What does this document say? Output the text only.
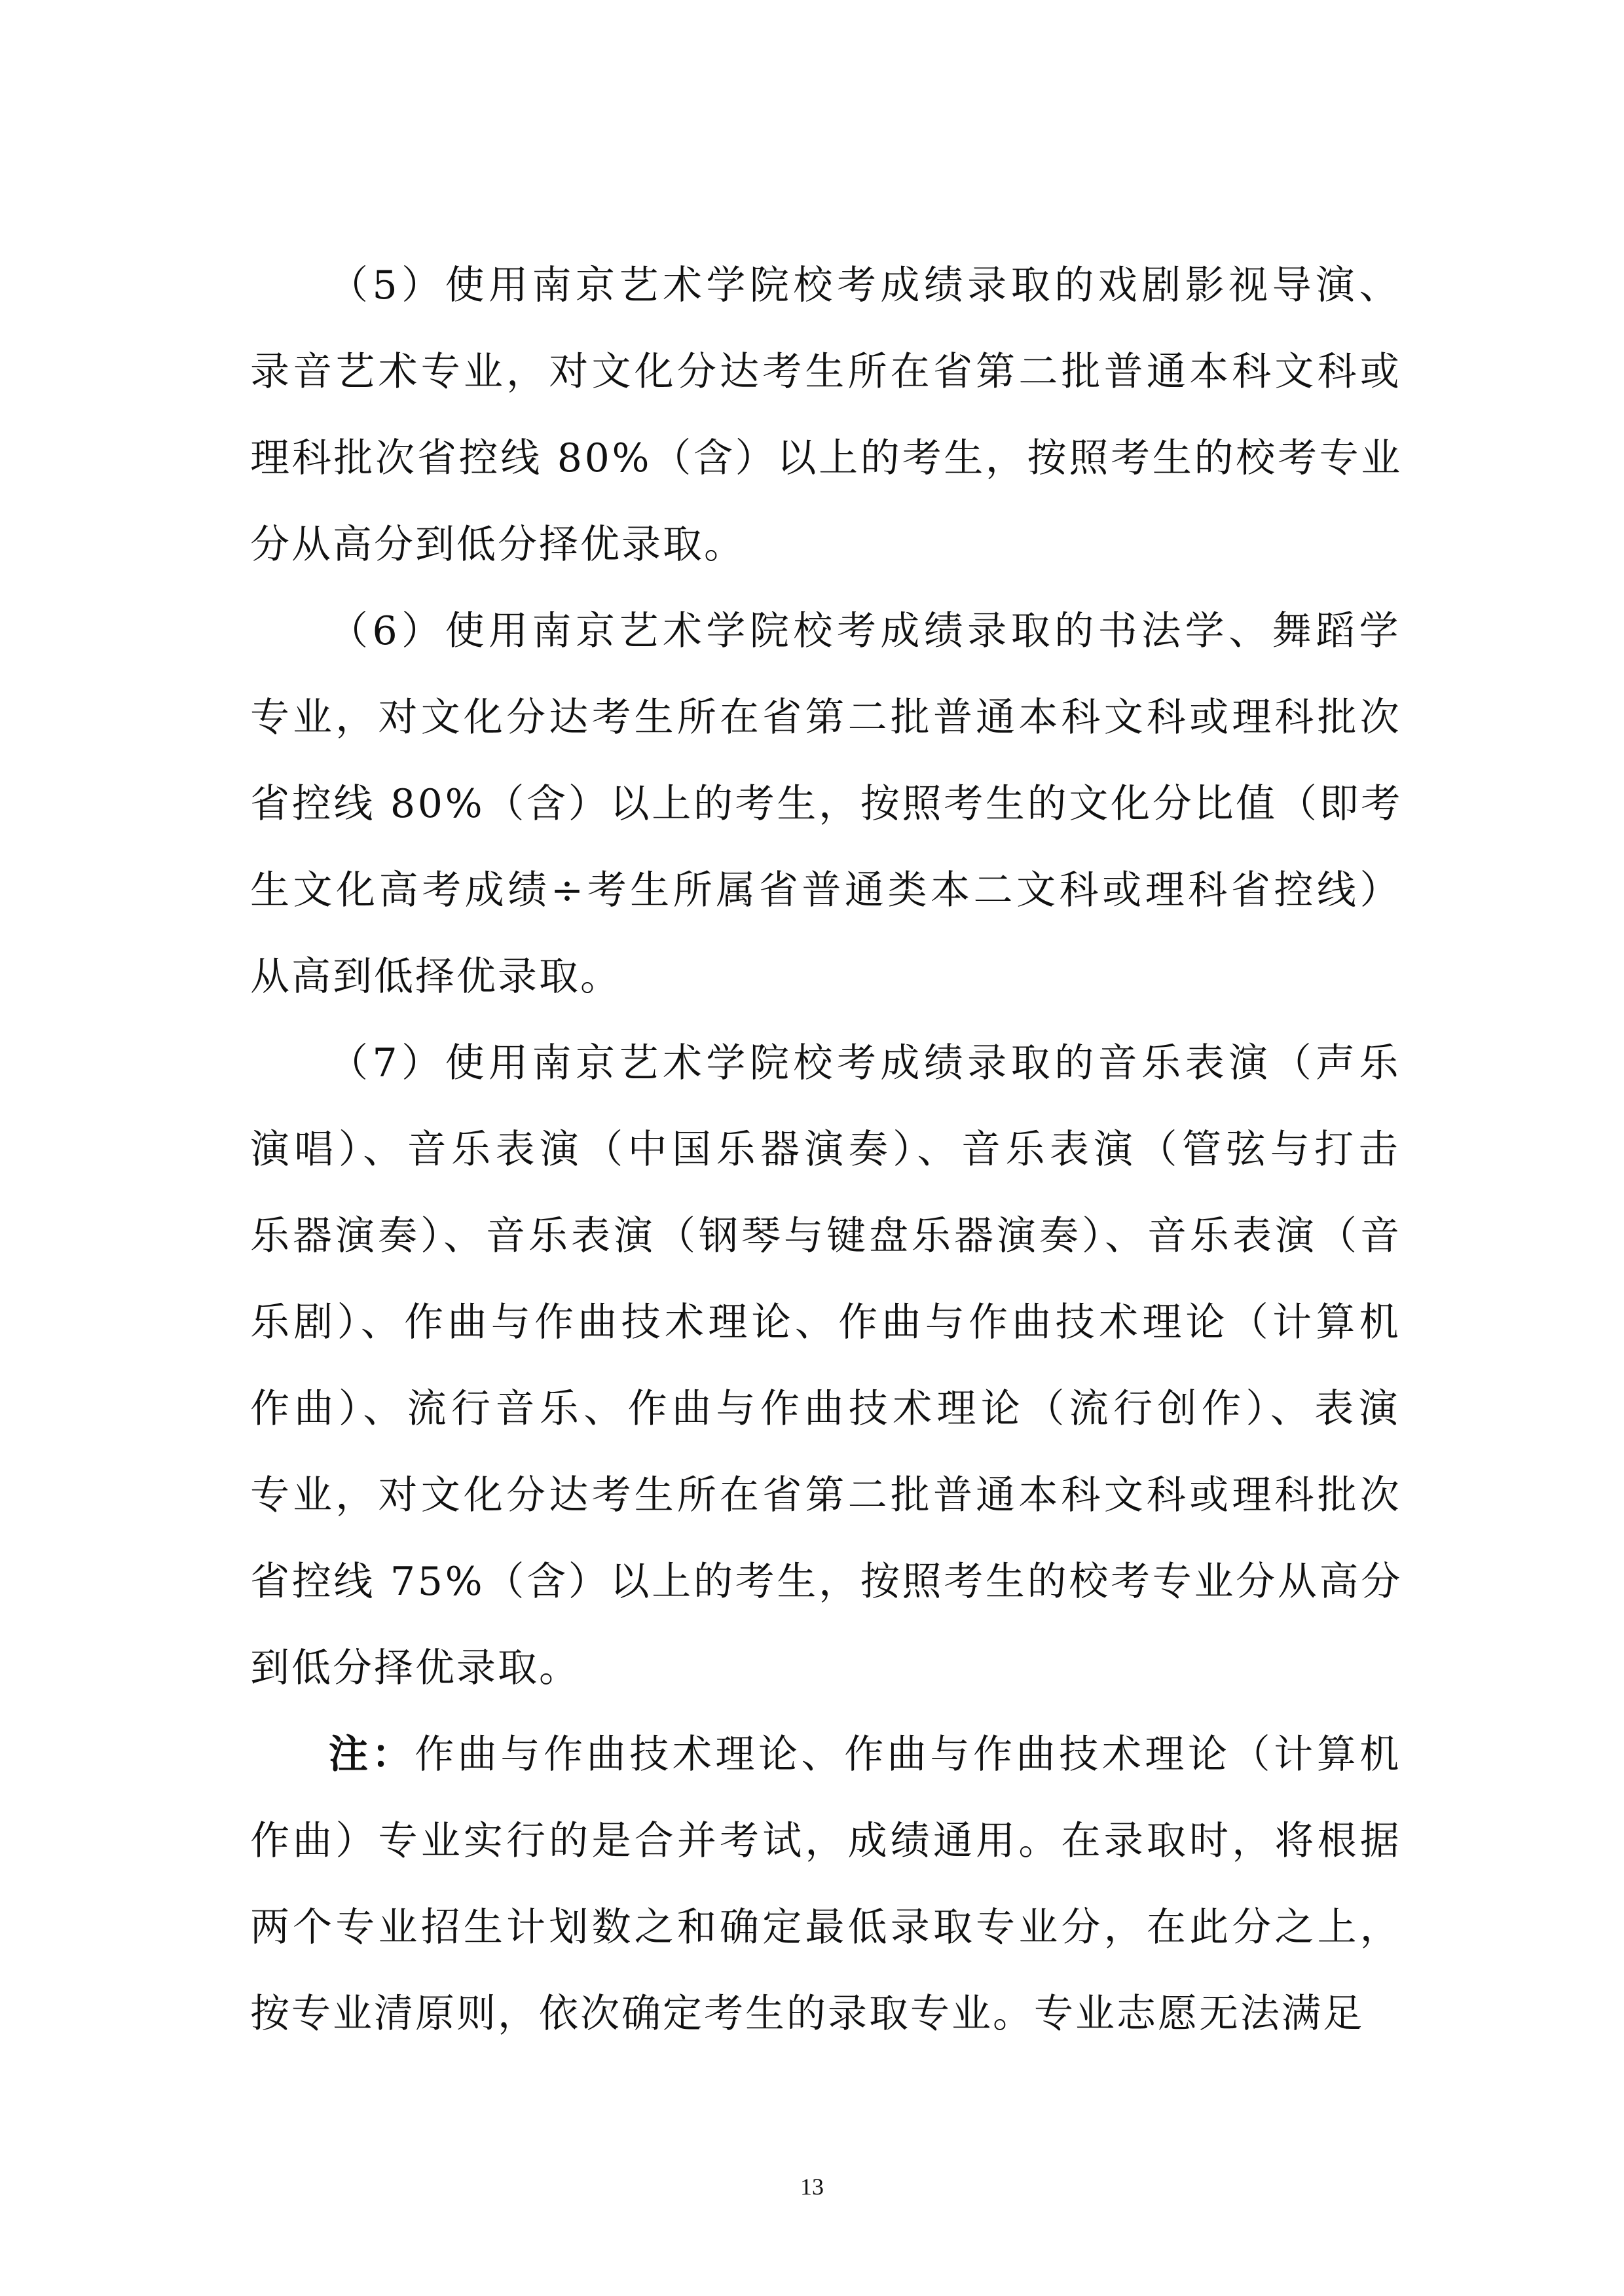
（5）使用南京艺术学院校考成绩录取的戏剧影视导演、
录音艺术专业，对文化分达考生所在省第二批普通本科文科或
理科批次省控线 80%（含）以上的考生，按照考生的校考专业
分从高分到低分择优录取。
（6）使用南京艺术学院校考成绩录取的书法学、舞蹈学
专业，对文化分达考生所在省第二批普通本科文科或理科批次
省控线 80%（含）以上的考生，按照考生的文化分比值（即考
生文化高考成绩÷考生所属省普通类本二文科或理科省控线）
从高到低择优录取。
（7）使用南京艺术学院校考成绩录取的音乐表演（声乐
演唱）、音乐表演（中国乐器演奏）、音乐表演（管弦与打击
乐器演奏）、音乐表演（钢琴与键盘乐器演奏）、音乐表演（音
乐剧）、作曲与作曲技术理论、作曲与作曲技术理论（计算机
作曲）、流行音乐、作曲与作曲技术理论（流行创作）、表演
专业，对文化分达考生所在省第二批普通本科文科或理科批次
省控线 75%（含）以上的考生，按照考生的校考专业分从高分
到低分择优录取。
注：作曲与作曲技术理论、作曲与作曲技术理论（计算机
作曲）专业实行的是合并考试，成绩通用。在录取时，将根据
两个专业招生计划数之和确定最低录取专业分，在此分之上，
按专业清原则，依次确定考生的录取专业。专业志愿无法满足
13
